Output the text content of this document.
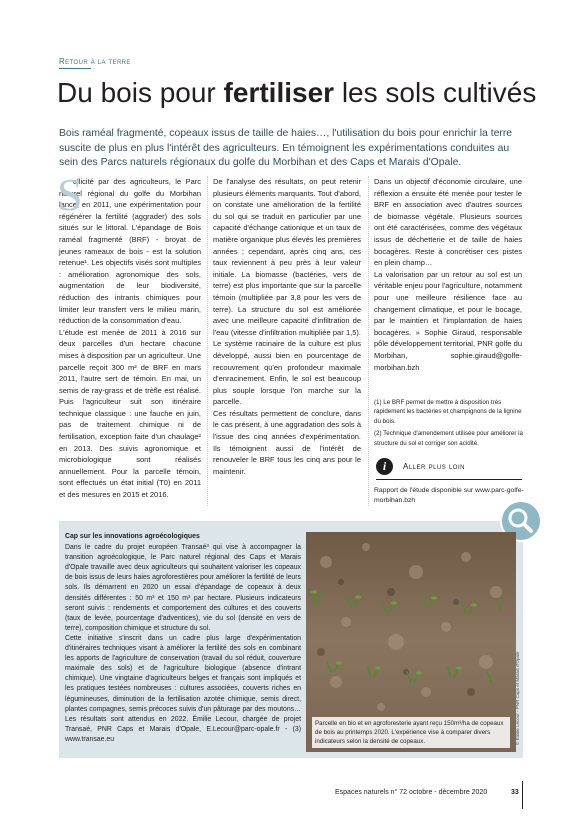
Retour à la terre
Du bois pour fertiliser les sols cultivés
Bois raméal fragmenté, copeaux issus de taille de haies…, l'utilisation du bois pour enrichir la terre suscite de plus en plus l'intérêt des agriculteurs. En témoignent les expérimentations conduites au sein des Parcs naturels régionaux du golfe du Morbihan et des Caps et Marais d'Opale.
S

ollicité par des agriculteurs, le Parc naturel régional du golfe du Morbihan lance, en 2011, une expérimentation pour régénérer la fertilité (aggrader) des sols situés sur le littoral. L'épandage de Bois raméal fragmenté (BRF) - broyat de jeunes rameaux de bois - est la solution retenue¹. Les objectifs visés sont multiples : amélioration agronomique des sols, augmentation de leur biodiversité, réduction des intrants chimiques pour limiter leur transfert vers le milieu marin, réduction de la consommation d'eau.

L'étude est menée de 2011 à 2016 sur deux parcelles d'un hectare chacune mises à disposition par un agriculteur. Une parcelle reçoit 300 m² de BRF en mars 2011, l'autre sert de témoin. En mai, un semis de ray-grass et de trèfle est réalisé. Puis l'agriculteur suit son itinéraire technique classique : une fauche en juin, pas de traitement chimique ni de fertilisation, exception faite d'un chaulage² en 2013. Des suivis agronomique et microbiologique sont réalisés annuellement. Pour la parcelle témoin, sont effectués un état initial (T0) en 2011 et des mesures en 2015 et 2016.

De l'analyse des résultats, on peut retenir plusieurs éléments marquants. Tout d'abord, on constate une amélioration de la fertilité du sol qui se traduit en particulier par une capacité d'échange cationique et un taux de matière organique plus élevés les premières années ; cependant, après cinq ans, ces taux reviennent à peu près à leur valeur initiale. La biomasse (bactéries, vers de terre) est plus importante que sur la parcelle témoin (multipliée par 3,8 pour les vers de terre). La structure du sol est améliorée avec une meilleure capacité d'infiltration de l'eau (vitesse d'infiltration multipliée par 1,5). Le système racinaire de la culture est plus développé, aussi bien en pourcentage de recouvrement qu'en profondeur maximale d'enracinement. Enfin, le sol est beaucoup plus souple lorsque l'on marche sur la parcelle.

Ces résultats permettent de conclure, dans le cas présent, à une aggradation des sols à l'issue des cinq années d'expérimentation. Ils témoignent aussi de l'intérêt de renouveler le BRF tous les cinq ans pour le maintenir.

Dans un objectif d'économie circulaire, une réflexion a ensuite été menée pour tester le BRF en association avec d'autres sources de biomasse végétale. Plusieurs sources ont été caractérisées, comme des végétaux issus de déchetterie et de taille de haies bocagères. Reste à concrétiser ces pistes en plein champ…

La valorisation par un retour au sol est un véritable enjeu pour l'agriculture, notamment pour une meilleure résilience face au changement climatique, et pour le bocage, par le maintien et l'implantation de haies bocagères. » Sophie Giraud, responsable pôle développement territorial, PNR golfe du Morbihan, sophie.giraud@golfe-morbihan.bzh

(1) Le BRF permet de mettre à disposition très rapidement les bactéries et champignons de la lignine du bois.

(2) Technique d'amendement utilisée pour améliorer la structure du sol et corriger son acidité.

i	Aller plus loin
Rapport de l'étude disponible sur www.parc-golfe-morbihan.bzh

Cap sur les innovations agroécologiques

Dans le cadre du projet européen Transaé³ qui vise à accompagner la transition agroécologique, le Parc naturel régional des Caps et Marais d'Opale travaille avec deux agriculteurs qui souhaitent valoriser les copeaux de bois issus de leurs haies agroforestières pour améliorer la fertilité de leurs sols. Ils démarrent en 2020 un essai d'épandage de copeaux à deux densités différentes : 50 m³ et 150 m³ par hectare. Plusieurs indicateurs seront suivis : rendements et comportement des cultures et des couverts (taux de levée, pourcentage d'adventices), vie du sol (densité en vers de terre), composition chimique et structure du sol.

Cette initiative s'inscrit dans un cadre plus large d'expérimentation d'itinéraires techniques visant à améliorer la fertilité des sols en combinant les apports de l'agriculture de conservation (travail du sol réduit, couverture maximale des sols) et de l'agriculture biologique (absence d'intrant chimique). Une vingtaine d'agriculteurs belges et français sont impliqués et les pratiques testées nombreuses : cultures associées, couverts riches en légumineuses, diminution de la fertilisation azotée chimique, semis direct, plantes compagnes, semis précoces suivis d'un pâturage par des moutons… Les résultats sont attendus en 2022. Émilie Lecour, chargée de projet Transaé, PNR Caps et Marais d'Opale, E.Lecour@parc-opale.fr - (3) www.transae.eu

Parcelle en bio et en agroforesterie ayant reçu 150m³/ha de copeaux de bois au printemps 2020. L'expérience vise à comparer divers indicateurs selon la densité de copeaux.	© Emilie Lecour - PNR Caps et Marais d'Opale
Espaces naturels n° 72 octobre - décembre 2020	33
